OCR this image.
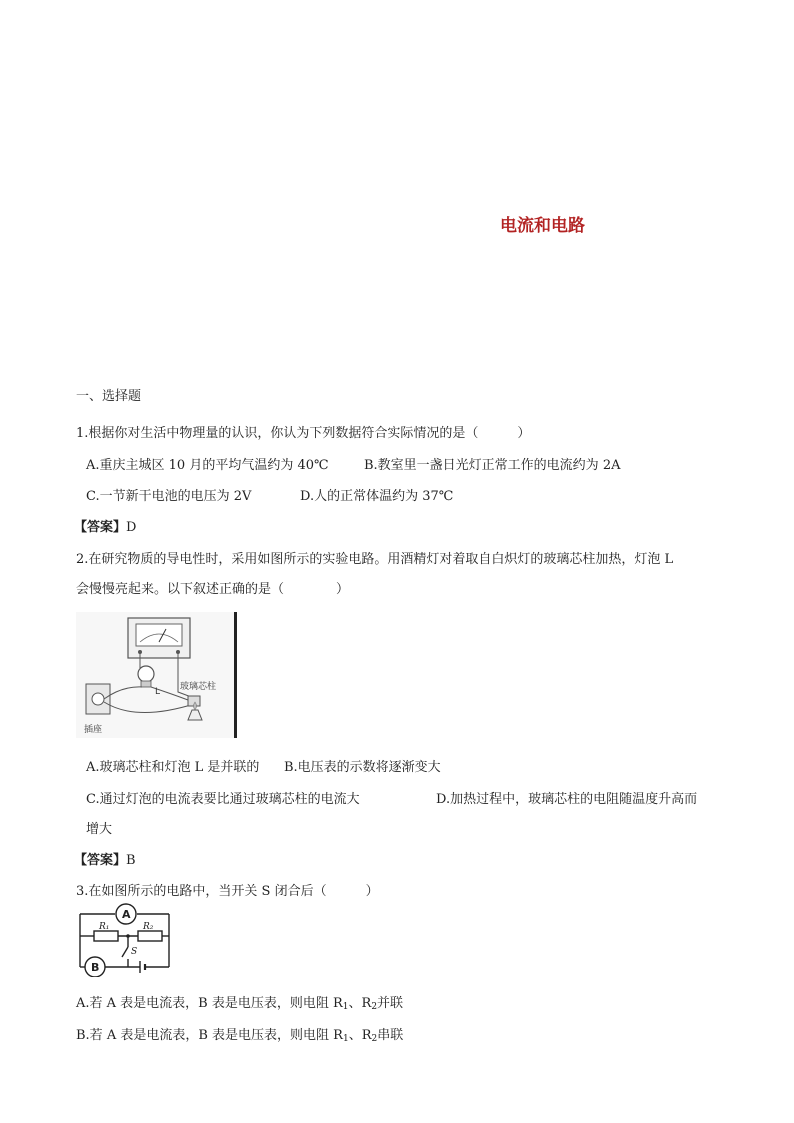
电流和电路
一、选择题
1.根据你对生活中物理量的认识，你认为下列数据符合实际情况的是（　　　）
A.重庆主城区 10 月的平均气温约为 40℃	B.教室里一盏日光灯正常工作的电流约为 2A
C.一节新干电池的电压为 2V	D.人的正常体温约为 37℃
【答案】D
2.在研究物质的导电性时，采用如图所示的实验电路。用酒精灯对着取自白炽灯的玻璃芯柱加热，灯泡 L
会慢慢亮起来。以下叙述正确的是（　　　　）
L 玻璃芯柱
插座
A.玻璃芯柱和灯泡 L 是并联的 B.电压表的示数将逐渐变大
C.通过灯泡的电流表要比通过玻璃芯柱的电流大	D.加热过程中，玻璃芯柱的电阻随温度升高而
增大
【答案】B
3.在如图所示的电路中，当开关 S 闭合后（　　　）
A
B
R₁	R₂
S
A.若 A 表是电流表，B 表是电压表，则电阻 $R_1$、$R_2$并联
B.若 A 表是电流表，B 表是电压表，则电阻 $R_1$、$R_2$串联
